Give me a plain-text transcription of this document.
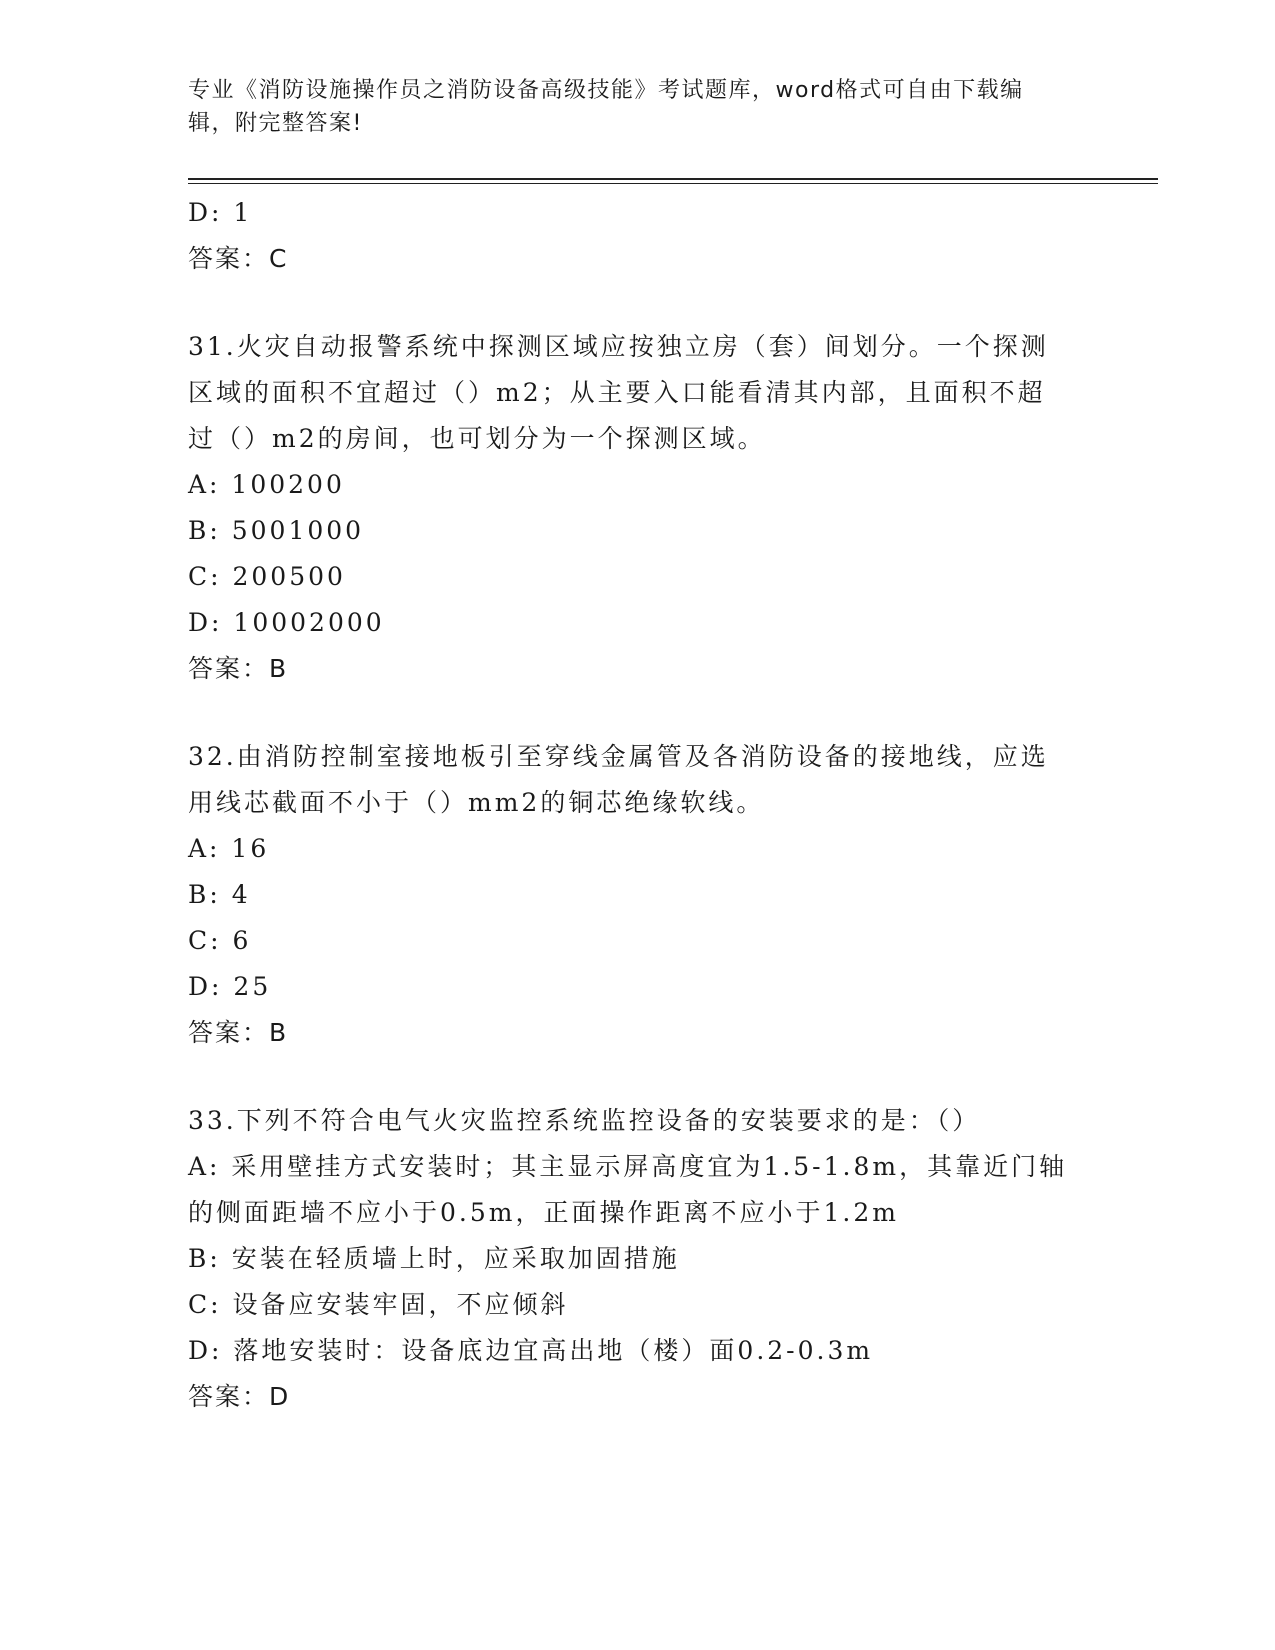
专业《消防设施操作员之消防设备高级技能》考试题库，word格式可自由下载编
辑，附完整答案!
D: 1
答案：C
31.火灾自动报警系统中探测区域应按独立房（套）间划分。一个探测
区域的面积不宜超过（）m2；从主要入口能看清其内部，且面积不超
过（）m2的房间，也可划分为一个探测区域。
A: 100200
B: 5001000
C: 200500
D: 10002000
答案：B
32.由消防控制室接地板引至穿线金属管及各消防设备的接地线，应选
用线芯截面不小于（）mm2的铜芯绝缘软线。
A: 16
B: 4
C: 6
D: 25
答案：B
33.下列不符合电气火灾监控系统监控设备的安装要求的是：（）
A: 采用壁挂方式安装时；其主显示屏高度宜为1.5-1.8m，其靠近门轴
的侧面距墙不应小于0.5m，正面操作距离不应小于1.2m
B: 安装在轻质墙上时，应采取加固措施
C: 设备应安装牢固，不应倾斜
D: 落地安装时：设备底边宜高出地（楼）面0.2-0.3m
答案：D
